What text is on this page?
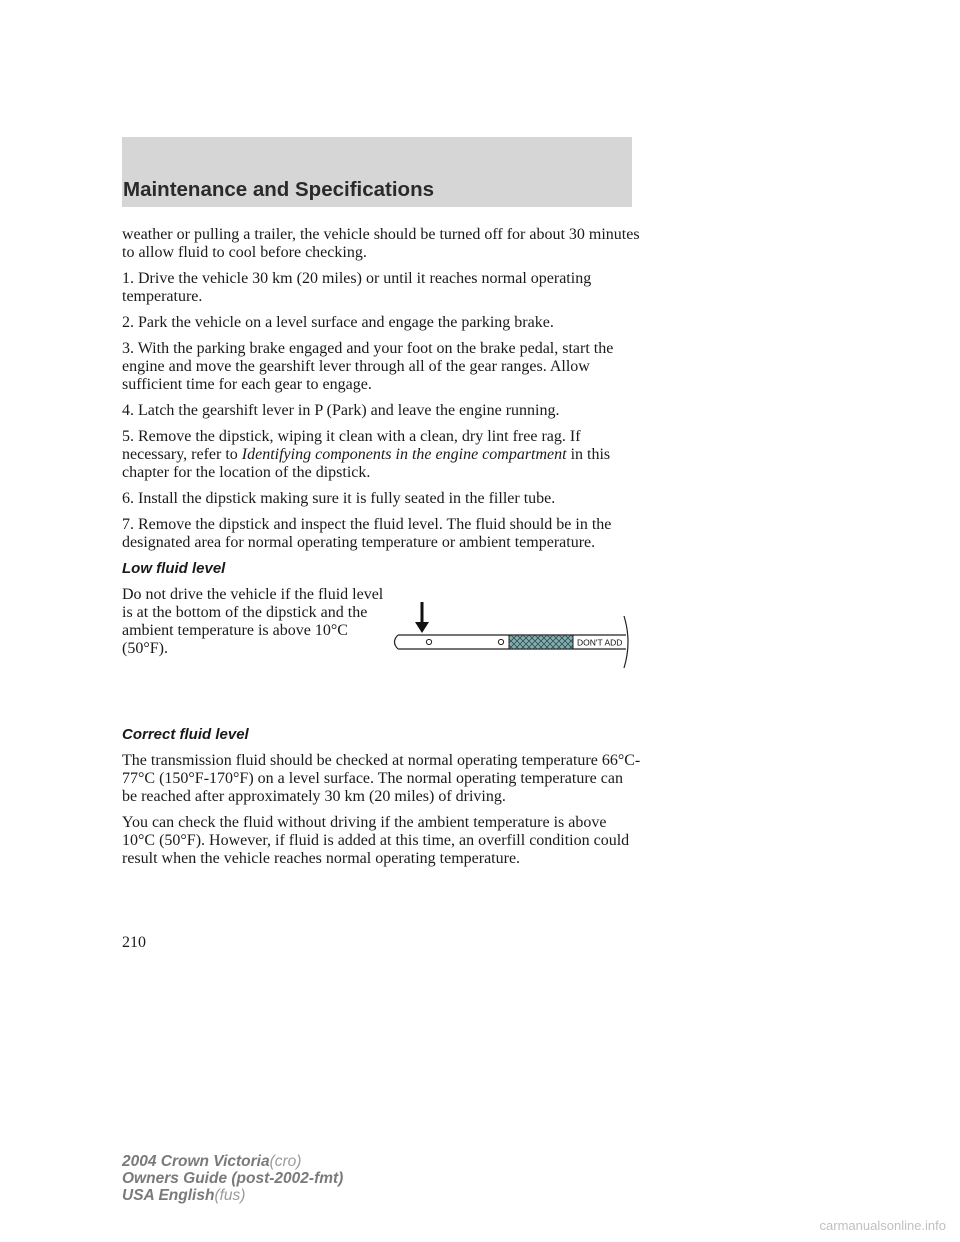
Maintenance and Specifications

weather or pulling a trailer, the vehicle should be turned off for about 30 minutes to allow fluid to cool before checking.

1. Drive the vehicle 30 km (20 miles) or until it reaches normal operating temperature.

2. Park the vehicle on a level surface and engage the parking brake.

3. With the parking brake engaged and your foot on the brake pedal, start the engine and move the gearshift lever through all of the gear ranges. Allow sufficient time for each gear to engage.

4. Latch the gearshift lever in P (Park) and leave the engine running.

5. Remove the dipstick, wiping it clean with a clean, dry lint free rag. If necessary, refer to Identifying components in the engine compartment in this chapter for the location of the dipstick.

6. Install the dipstick making sure it is fully seated in the filler tube.

7. Remove the dipstick and inspect the fluid level. The fluid should be in the designated area for normal operating temperature or ambient temperature.

Low fluid level

Do not drive the vehicle if the fluid level is at the bottom of the dipstick and the ambient temperature is above 10°C (50°F).	DON'T ADD
Correct fluid level

The transmission fluid should be checked at normal operating temperature 66°C-77°C (150°F-170°F) on a level surface. The normal operating temperature can be reached after approximately 30 km (20 miles) of driving.

You can check the fluid without driving if the ambient temperature is above 10°C (50°F). However, if fluid is added at this time, an overfill condition could result when the vehicle reaches normal operating temperature.

210
2004 Crown Victoria(cro)
Owners Guide (post-2002-fmt)
USA English(fus)
carmanualsonline.info
